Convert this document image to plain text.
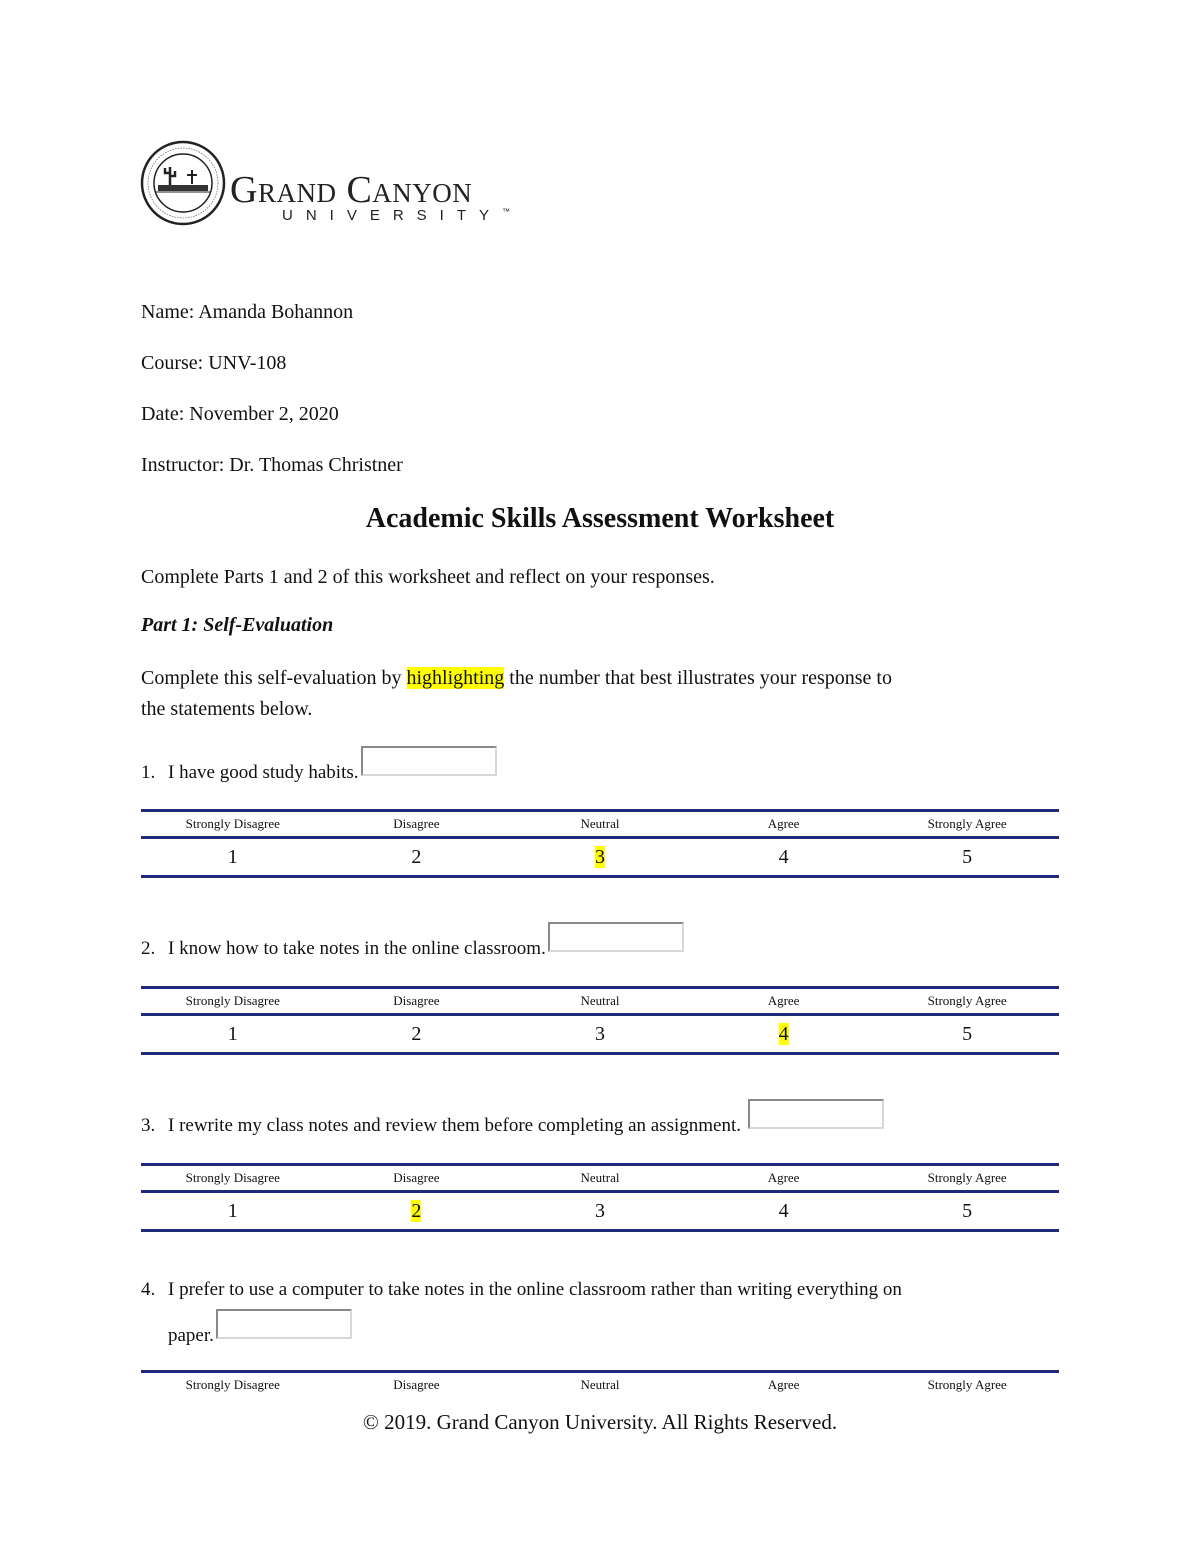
Grand Canyon
UNIVERSITY™
Name: Amanda Bohannon
Course: UNV-108
Date: November 2, 2020
Instructor: Dr. Thomas Christner
Academic Skills Assessment Worksheet
Complete Parts 1 and 2 of this worksheet and reflect on your responses.
Part 1: Self-Evaluation
Complete this self-evaluation by highlighting the number that best illustrates your response to
the statements below.
1. I have good study habits.
Strongly Disagree	Disagree	Neutral	Agree	Strongly Agree
1	2	3	4	5
2. I know how to take notes in the online classroom.
Strongly Disagree	Disagree	Neutral	Agree	Strongly Agree
1	2	3	4	5
3. I rewrite my class notes and review them before completing an assignment.
Strongly Disagree	Disagree	Neutral	Agree	Strongly Agree
1	2	3	4	5
4. I prefer to use a computer to take notes in the online classroom rather than writing everything on
paper.
Strongly Disagree	Disagree	Neutral	Agree	Strongly Agree
© 2019. Grand Canyon University. All Rights Reserved.
